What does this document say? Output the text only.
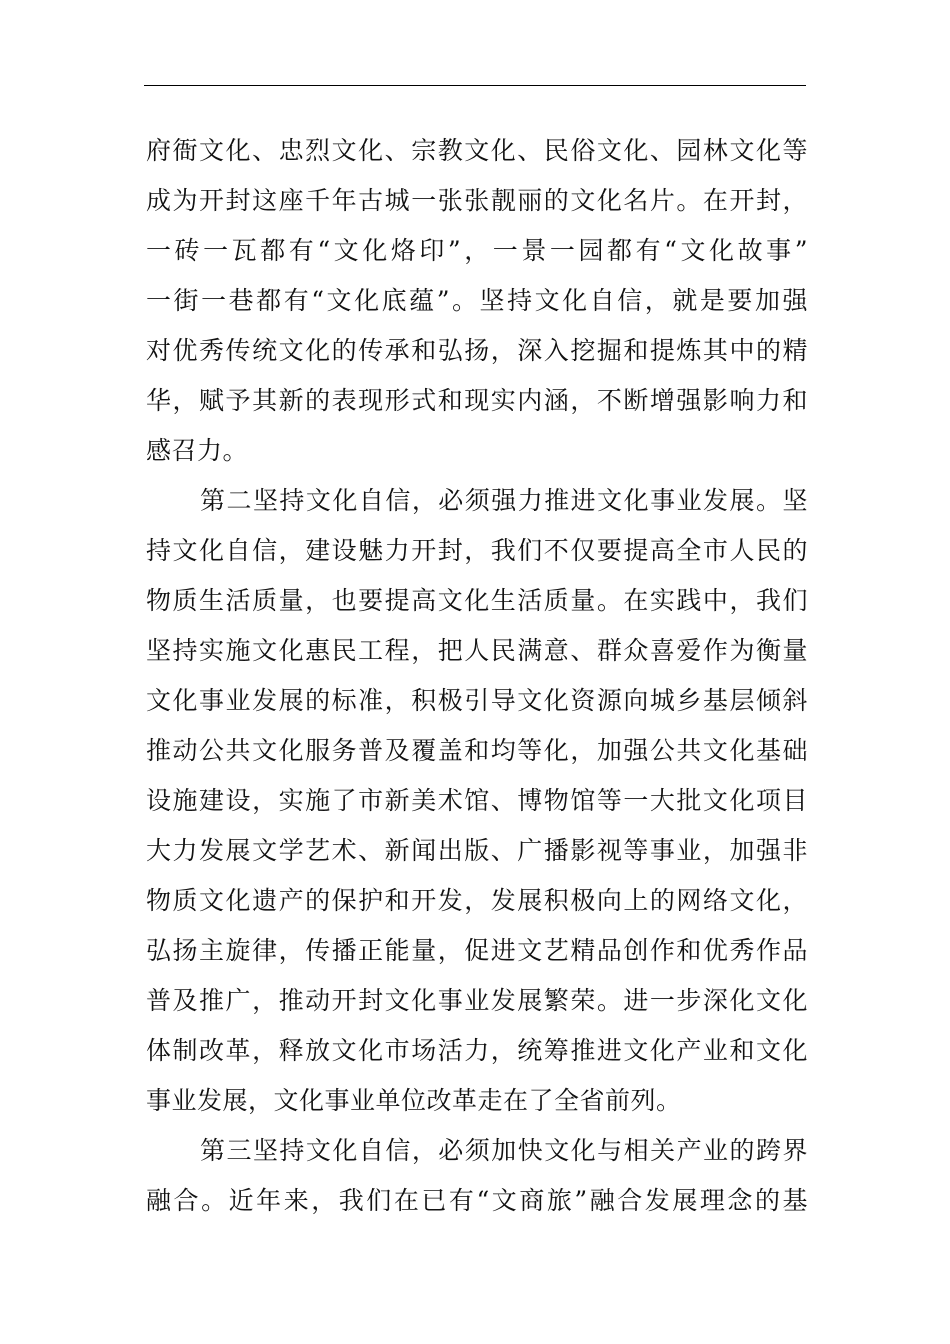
府衙文化、忠烈文化、宗教文化、民俗文化、园林文化等
成为开封这座千年古城一张张靓丽的文化名片。在开封，
一砖一瓦都有“文化烙印”，一景一园都有“文化故事”
一街一巷都有“文化底蕴”。坚持文化自信，就是要加强
对优秀传统文化的传承和弘扬，深入挖掘和提炼其中的精
华，赋予其新的表现形式和现实内涵，不断增强影响力和
感召力。
第二坚持文化自信，必须强力推进文化事业发展。坚
持文化自信，建设魅力开封，我们不仅要提高全市人民的
物质生活质量，也要提高文化生活质量。在实践中，我们
坚持实施文化惠民工程，把人民满意、群众喜爱作为衡量
文化事业发展的标准，积极引导文化资源向城乡基层倾斜
推动公共文化服务普及覆盖和均等化，加强公共文化基础
设施建设，实施了市新美术馆、博物馆等一大批文化项目
大力发展文学艺术、新闻出版、广播影视等事业，加强非
物质文化遗产的保护和开发，发展积极向上的网络文化，
弘扬主旋律，传播正能量，促进文艺精品创作和优秀作品
普及推广，推动开封文化事业发展繁荣。进一步深化文化
体制改革，释放文化市场活力，统筹推进文化产业和文化
事业发展，文化事业单位改革走在了全省前列。
第三坚持文化自信，必须加快文化与相关产业的跨界
融合。近年来，我们在已有“文商旅”融合发展理念的基
